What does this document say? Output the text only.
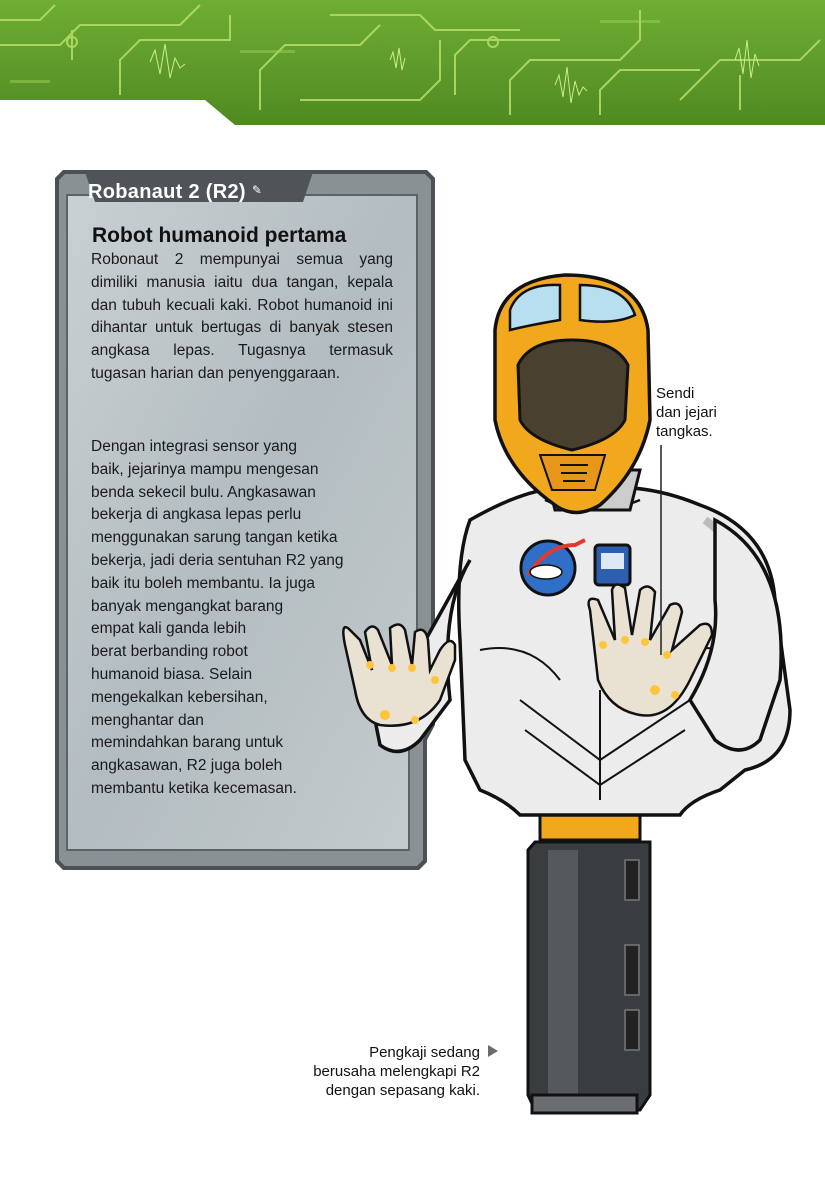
Robanaut 2 (R2) ✎
Robot humanoid pertama

Robonaut 2 mempunyai semua yang dimiliki manusia iaitu dua tangan, kepala dan tubuh kecuali kaki. Robot humanoid ini dihantar untuk bertugas di banyak stesen angkasa lepas. Tugasnya termasuk tugasan harian dan penyenggaraan.

Dengan integrasi sensor yang
baik, jejarinya mampu mengesan
benda sekecil bulu. Angkasawan
bekerja di angkasa lepas perlu
menggunakan sarung tangan ketika
bekerja, jadi deria sentuhan R2 yang
baik itu boleh membantu. Ia juga
banyak mengangkat barang
empat kali ganda lebih
berat berbanding robot
humanoid biasa. Selain
mengekalkan kebersihan,
menghantar dan
memindahkan barang untuk
angkasawan, R2 juga boleh
membantu ketika kecemasan.
Sendi
dan jejari
tangkas.
Pengkaji sedang
berusaha melengkapi R2
dengan sepasang kaki.
